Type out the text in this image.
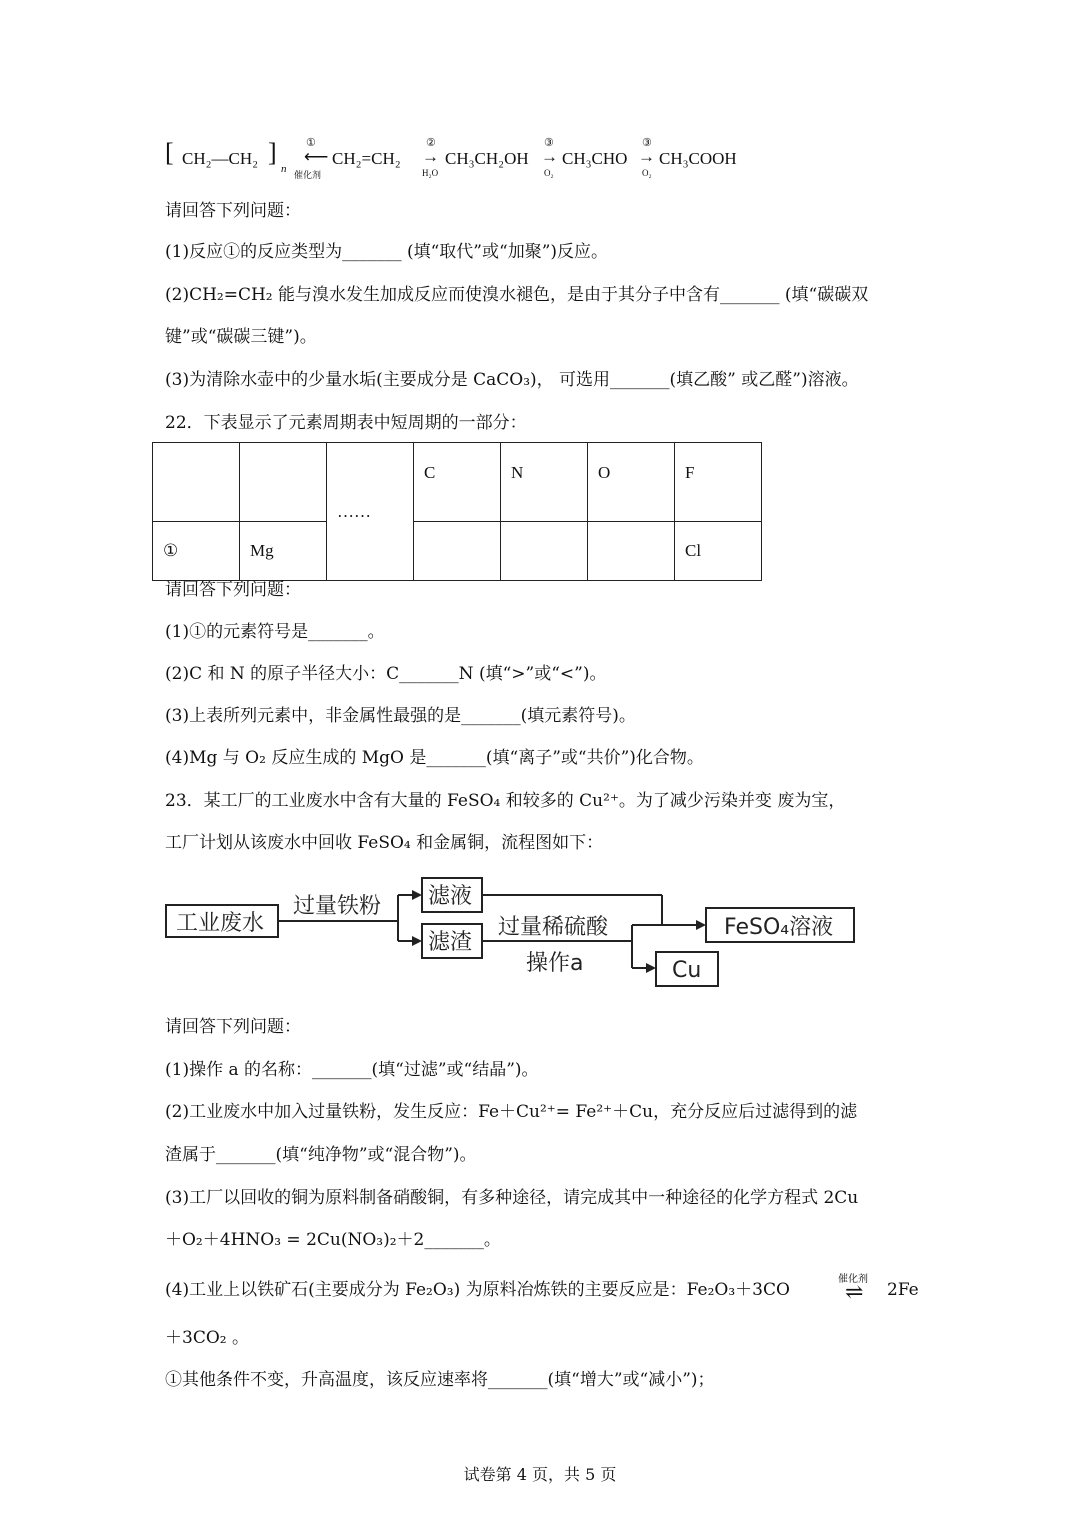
[ CH₂—CH₂ ]
n
①
⟵
催化剂
CH₂=CH₂
②
→
H₂O
CH₃CH₂OH
③
→
O₂
CH₃CHO
③
→
O₂
CH₃COOH
请回答下列问题：
(1)反应①的反应类型为_______ (填“取代”或“加聚”)反应。
(2)CH₂=CH₂ 能与溴水发生加成反应而使溴水褪色，是由于其分子中含有_______ (填“碳碳双
键”或“碳碳三键”)。
(3)为清除水壶中的少量水垢(主要成分是 CaCO₃)， 可选用_______(填乙酸” 或乙醛”)溶液。
22．下表显示了元素周期表中短周期的一部分：
		……	C	N	O	F
①	Mg					Cl
请回答下列问题：
(1)①的元素符号是_______。
(2)C 和 N 的原子半径大小：C_______N (填“>”或“<”)。
(3)上表所列元素中，非金属性最强的是_______(填元素符号)。
(4)Mg 与 O₂ 反应生成的 MgO 是_______(填“离子”或“共价”)化合物。
23．某工厂的工业废水中含有大量的 FeSO₄ 和较多的 Cu²⁺。为了减少污染并变 废为宝，
工厂计划从该废水中回收 FeSO₄ 和金属铜，流程图如下：
工业废水
过量铁粉 滤液
滤渣
过量稀硫酸
操作a
FeSO₄溶液
Cu
请回答下列问题：
(1)操作 a 的名称：_______(填“过滤”或“结晶”)。
(2)工业废水中加入过量铁粉，发生反应：Fe＋Cu²⁺= Fe²⁺＋Cu，充分反应后过滤得到的滤
渣属于_______(填“纯净物”或“混合物”)。
(3)工厂以回收的铜为原料制备硝酸铜，有多种途径，请完成其中一种途径的化学方程式 2Cu
＋O₂＋4HNO₃ = 2Cu(NO₃)₂＋2_______。
(4)工业上以铁矿石(主要成分为 Fe₂O₃) 为原料冶炼铁的主要反应是：Fe₂O₃＋3CO
催化剂
⇌ 2Fe
＋3CO₂ 。
①其他条件不变，升高温度，该反应速率将_______(填“增大”或“减小”)；
试卷第 4 页，共 5 页
